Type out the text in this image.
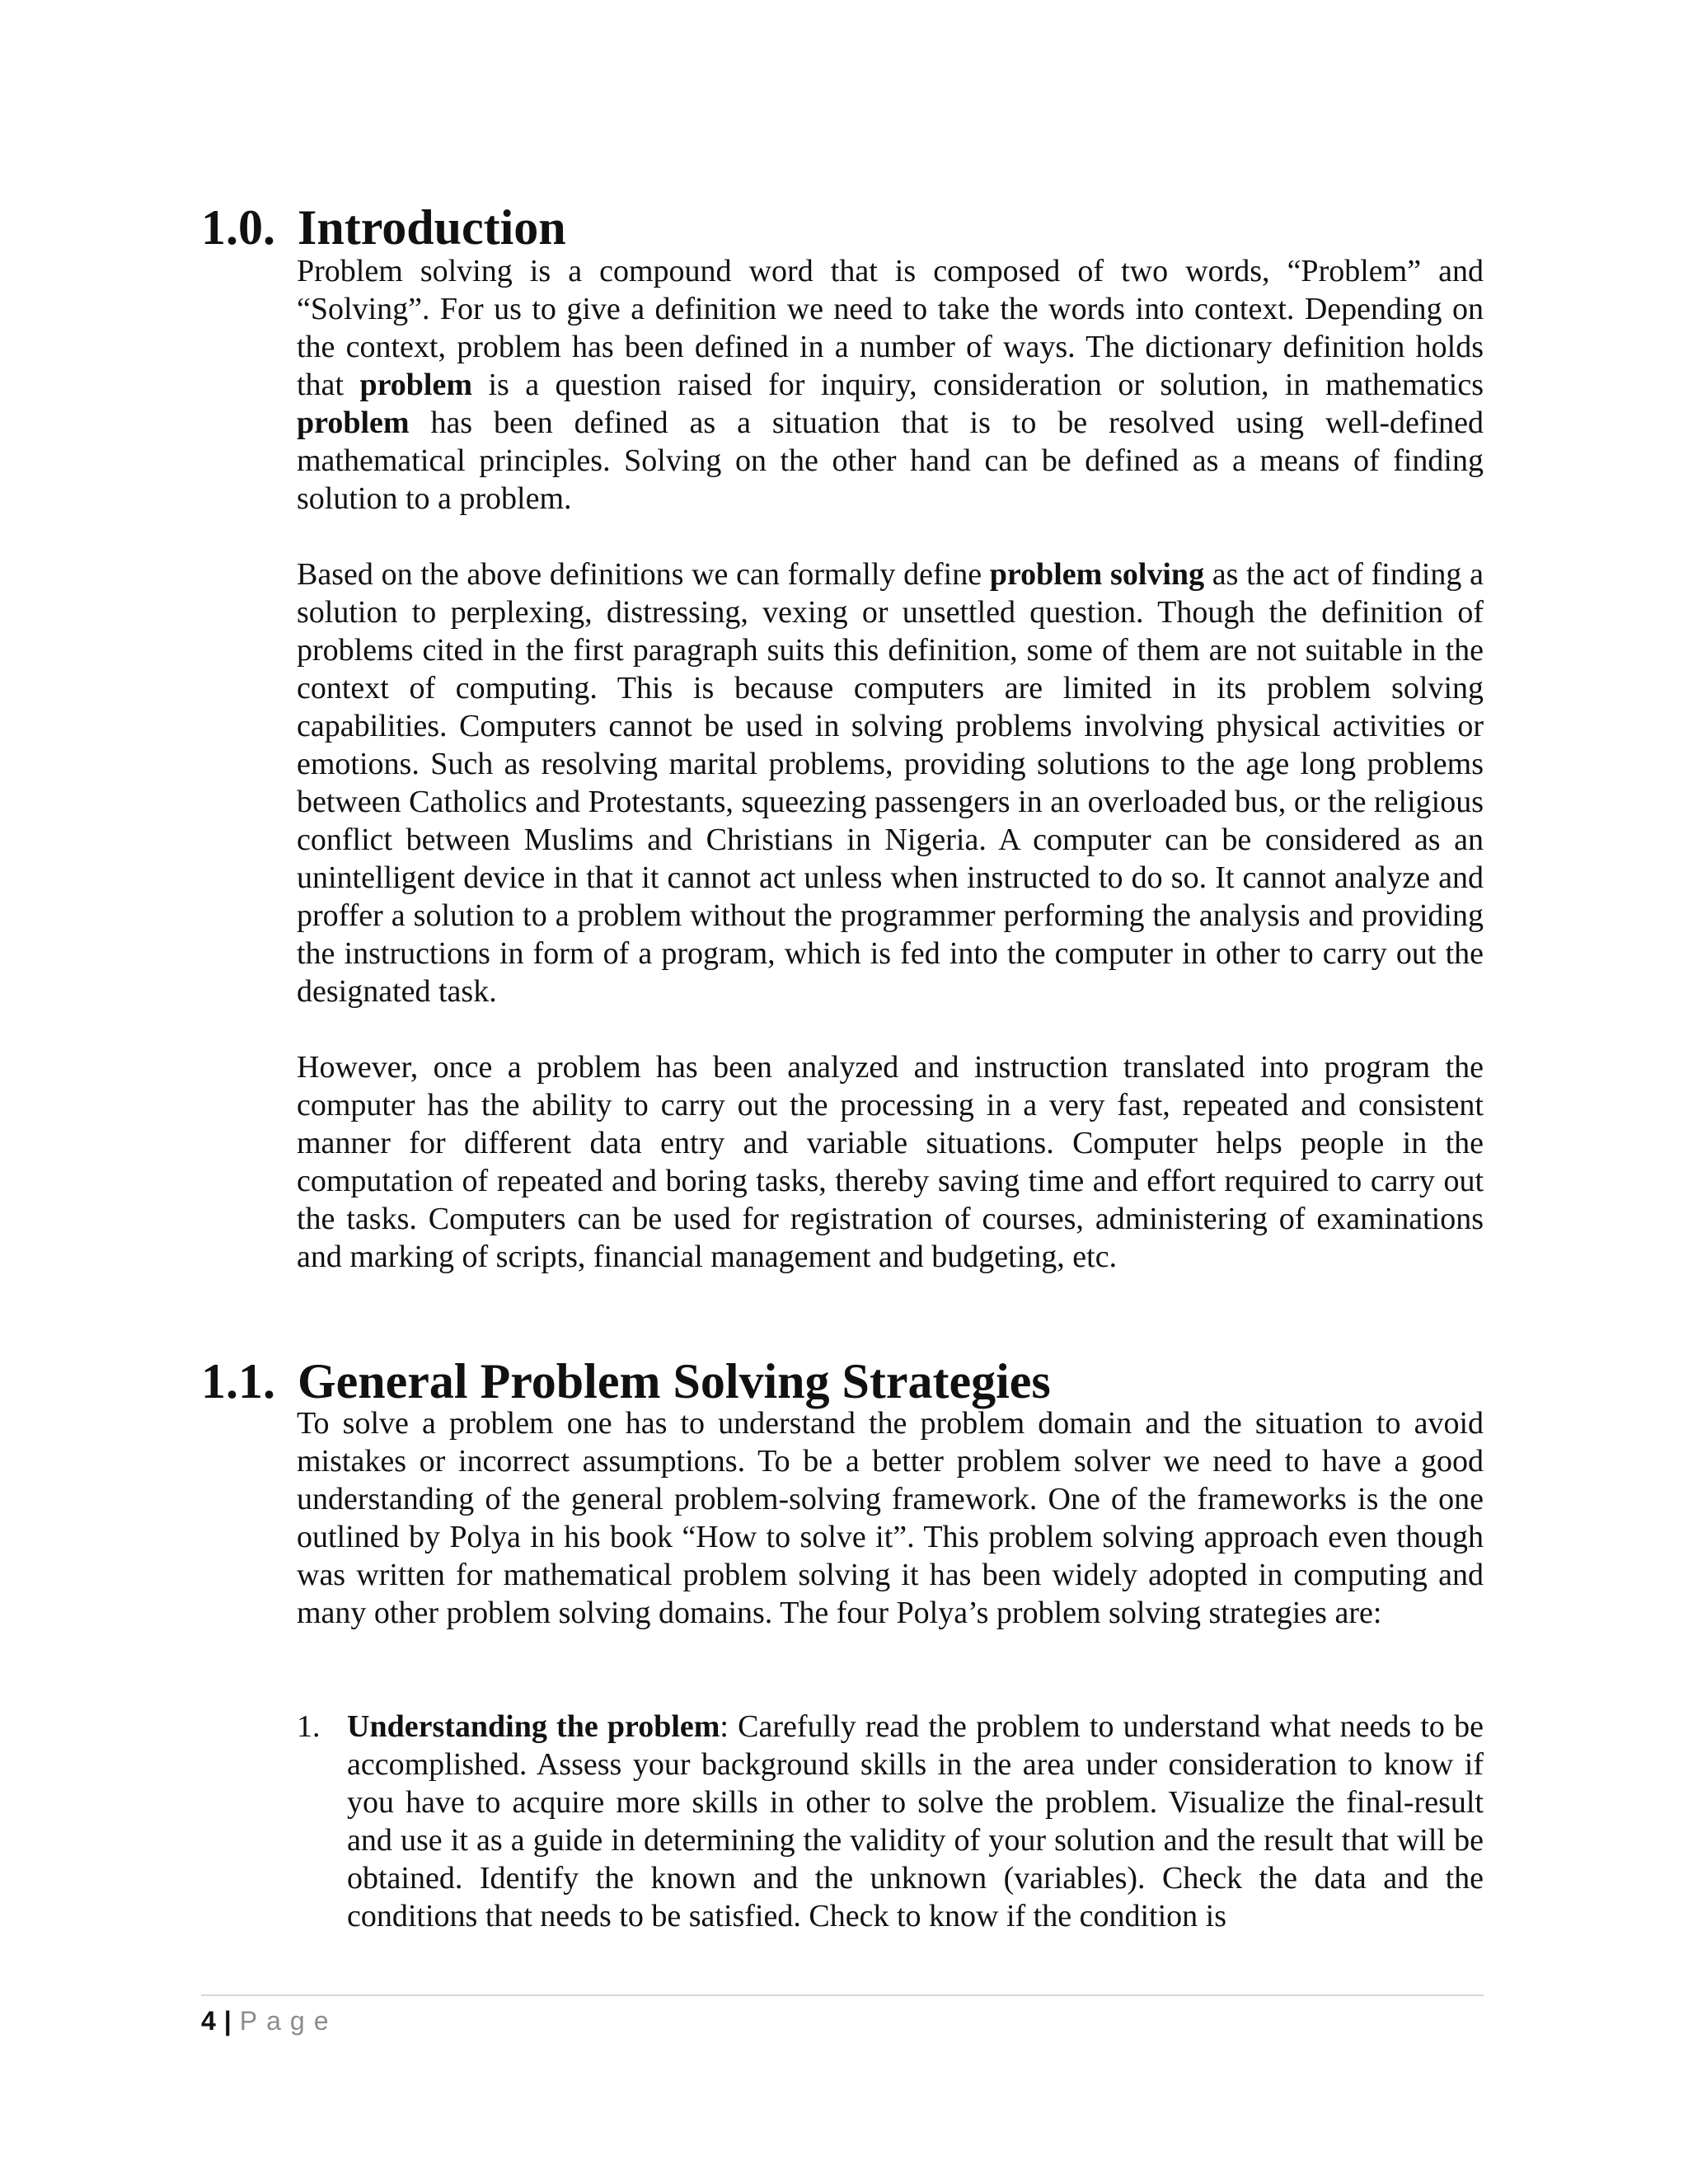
1.0. Introduction

Problem solving is a compound word that is composed of two words, “Problem” and “Solving”. For us to give a definition we need to take the words into context. Depending on the context, problem has been defined in a number of ways. The dictionary definition holds that problem is a question raised for inquiry, consideration or solution, in mathematics problem has been defined as a situation that is to be resolved using well-defined mathematical principles. Solving on the other hand can be defined as a means of finding solution to a problem.

Based on the above definitions we can formally define problem solving as the act of finding a solution to perplexing, distressing, vexing or unsettled question. Though the definition of problems cited in the first paragraph suits this definition, some of them are not suitable in the context of computing. This is because computers are limited in its problem solving capabilities. Computers cannot be used in solving problems involving physical activities or emotions. Such as resolving marital problems, providing solutions to the age long problems between Catholics and Protestants, squeezing passengers in an overloaded bus, or the religious conflict between Muslims and Christians in Nigeria. A computer can be considered as an unintelligent device in that it cannot act unless when instructed to do so. It cannot analyze and proffer a solution to a problem without the programmer performing the analysis and providing the instructions in form of a program, which is fed into the computer in other to carry out the designated task.

However, once a problem has been analyzed and instruction translated into program the computer has the ability to carry out the processing in a very fast, repeated and consistent manner for different data entry and variable situations. Computer helps people in the computation of repeated and boring tasks, thereby saving time and effort required to carry out the tasks. Computers can be used for registration of courses, administering of examinations and marking of scripts, financial management and budgeting, etc.

1.1. General Problem Solving Strategies

To solve a problem one has to understand the problem domain and the situation to avoid mistakes or incorrect assumptions. To be a better problem solver we need to have a good understanding of the general problem-solving framework. One of the frameworks is the one outlined by Polya in his book “How to solve it”. This problem solving approach even though was written for mathematical problem solving it has been widely adopted in computing and many other problem solving domains. The four Polya’s problem solving strategies are:

1. Understanding the problem: Carefully read the problem to understand what needs to be accomplished. Assess your background skills in the area under consideration to know if you have to acquire more skills in other to solve the problem. Visualize the final-result and use it as a guide in determining the validity of your solution and the result that will be obtained. Identify the known and the unknown (variables). Check the data and the conditions that needs to be satisfied. Check to know if the condition is

4 | Page
